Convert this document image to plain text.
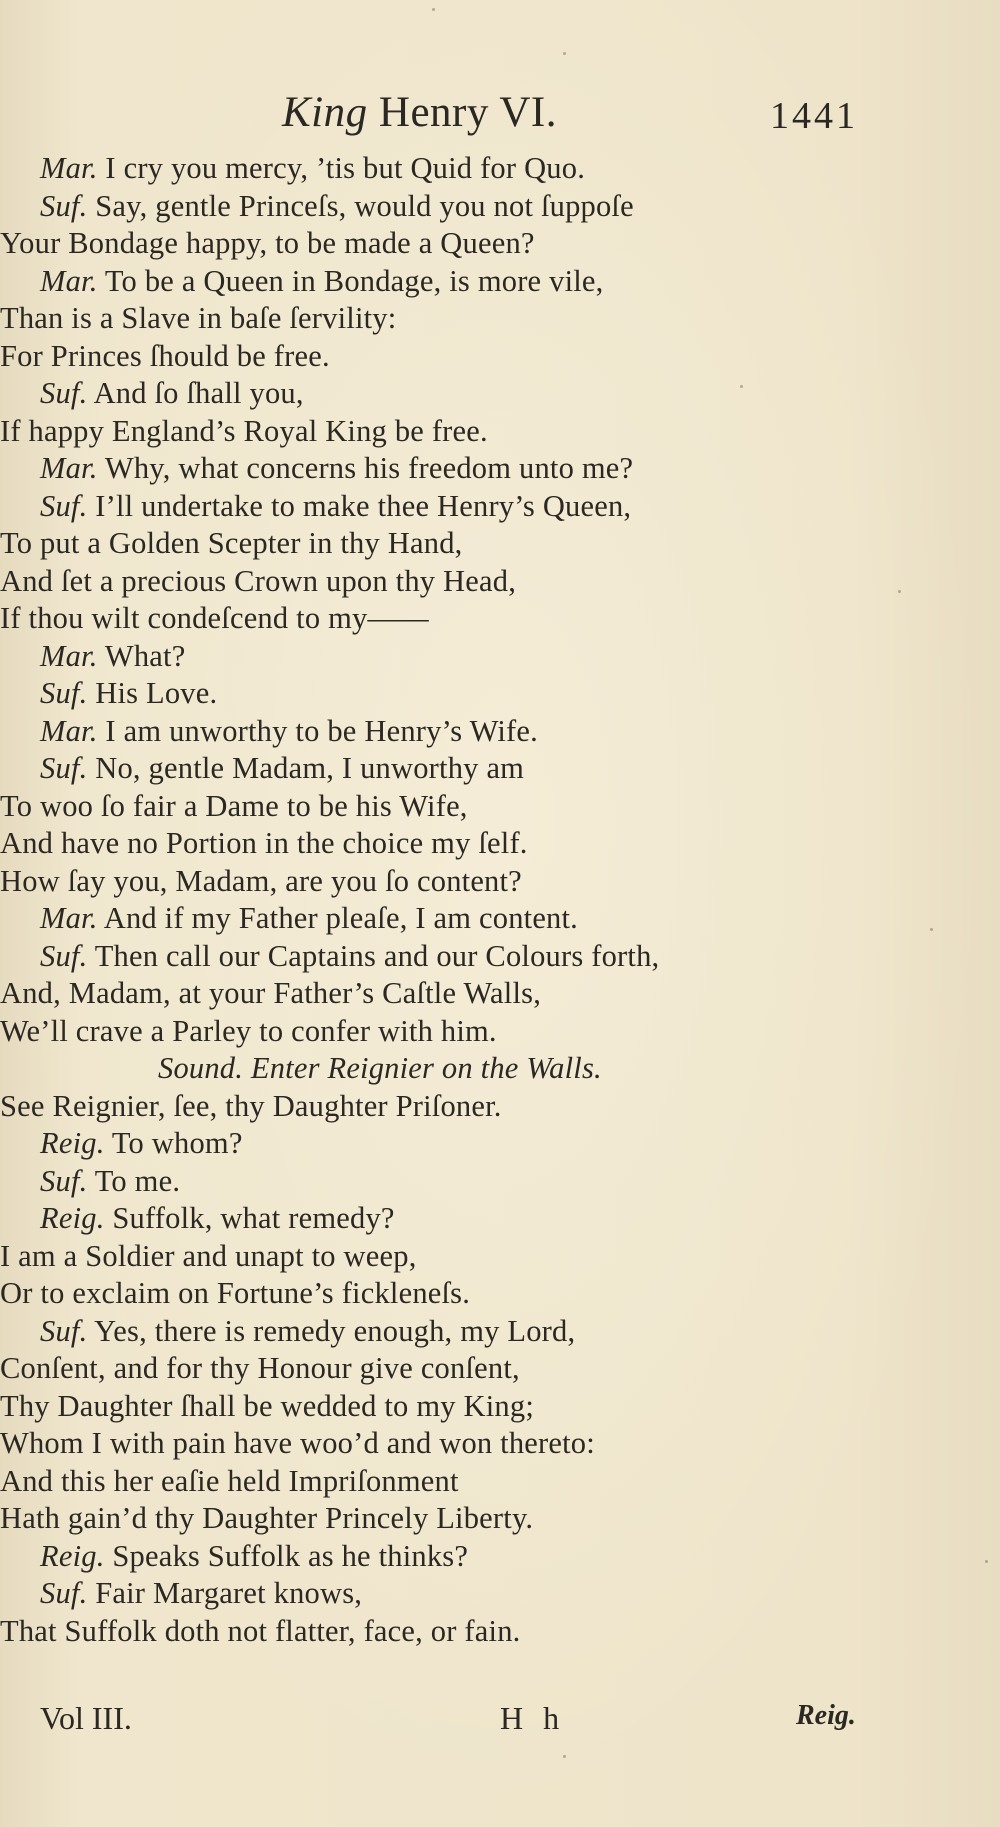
King Henry VI.	1441
Mar. I cry you mercy, ’tis but Quid for Quo.
Suf. Say, gentle Princeſs, would you not ſuppoſe
Your Bondage happy, to be made a Queen?
Mar. To be a Queen in Bondage, is more vile,
Than is a Slave in baſe ſervility:
For Princes ſhould be free.
Suf. And ſo ſhall you,
If happy England’s Royal King be free.
Mar. Why, what concerns his freedom unto me?
Suf. I’ll undertake to make thee Henry’s Queen,
To put a Golden Scepter in thy Hand,
And ſet a precious Crown upon thy Head,
If thou wilt condeſcend to my——
Mar. What?
Suf. His Love.
Mar. I am unworthy to be Henry’s Wife.
Suf. No, gentle Madam, I unworthy am
To woo ſo fair a Dame to be his Wife,
And have no Portion in the choice my ſelf.
How ſay you, Madam, are you ſo content?
Mar. And if my Father pleaſe, I am content.
Suf. Then call our Captains and our Colours forth,
And, Madam, at your Father’s Caſtle Walls,
We’ll crave a Parley to confer with him.
Sound. Enter Reignier on the Walls.
See Reignier, ſee, thy Daughter Priſoner.
Reig. To whom?
Suf. To me.
Reig. Suffolk, what remedy?
I am a Soldier and unapt to weep,
Or to exclaim on Fortune’s fickleneſs.
Suf. Yes, there is remedy enough, my Lord,
Conſent, and for thy Honour give conſent,
Thy Daughter ſhall be wedded to my King;
Whom I with pain have woo’d and won thereto:
And this her eaſie held Impriſonment
Hath gain’d thy Daughter Princely Liberty.
Reig. Speaks Suffolk as he thinks?
Suf. Fair Margaret knows,
That Suffolk doth not flatter, face, or fain.
Vol III.	H h	Reig.
